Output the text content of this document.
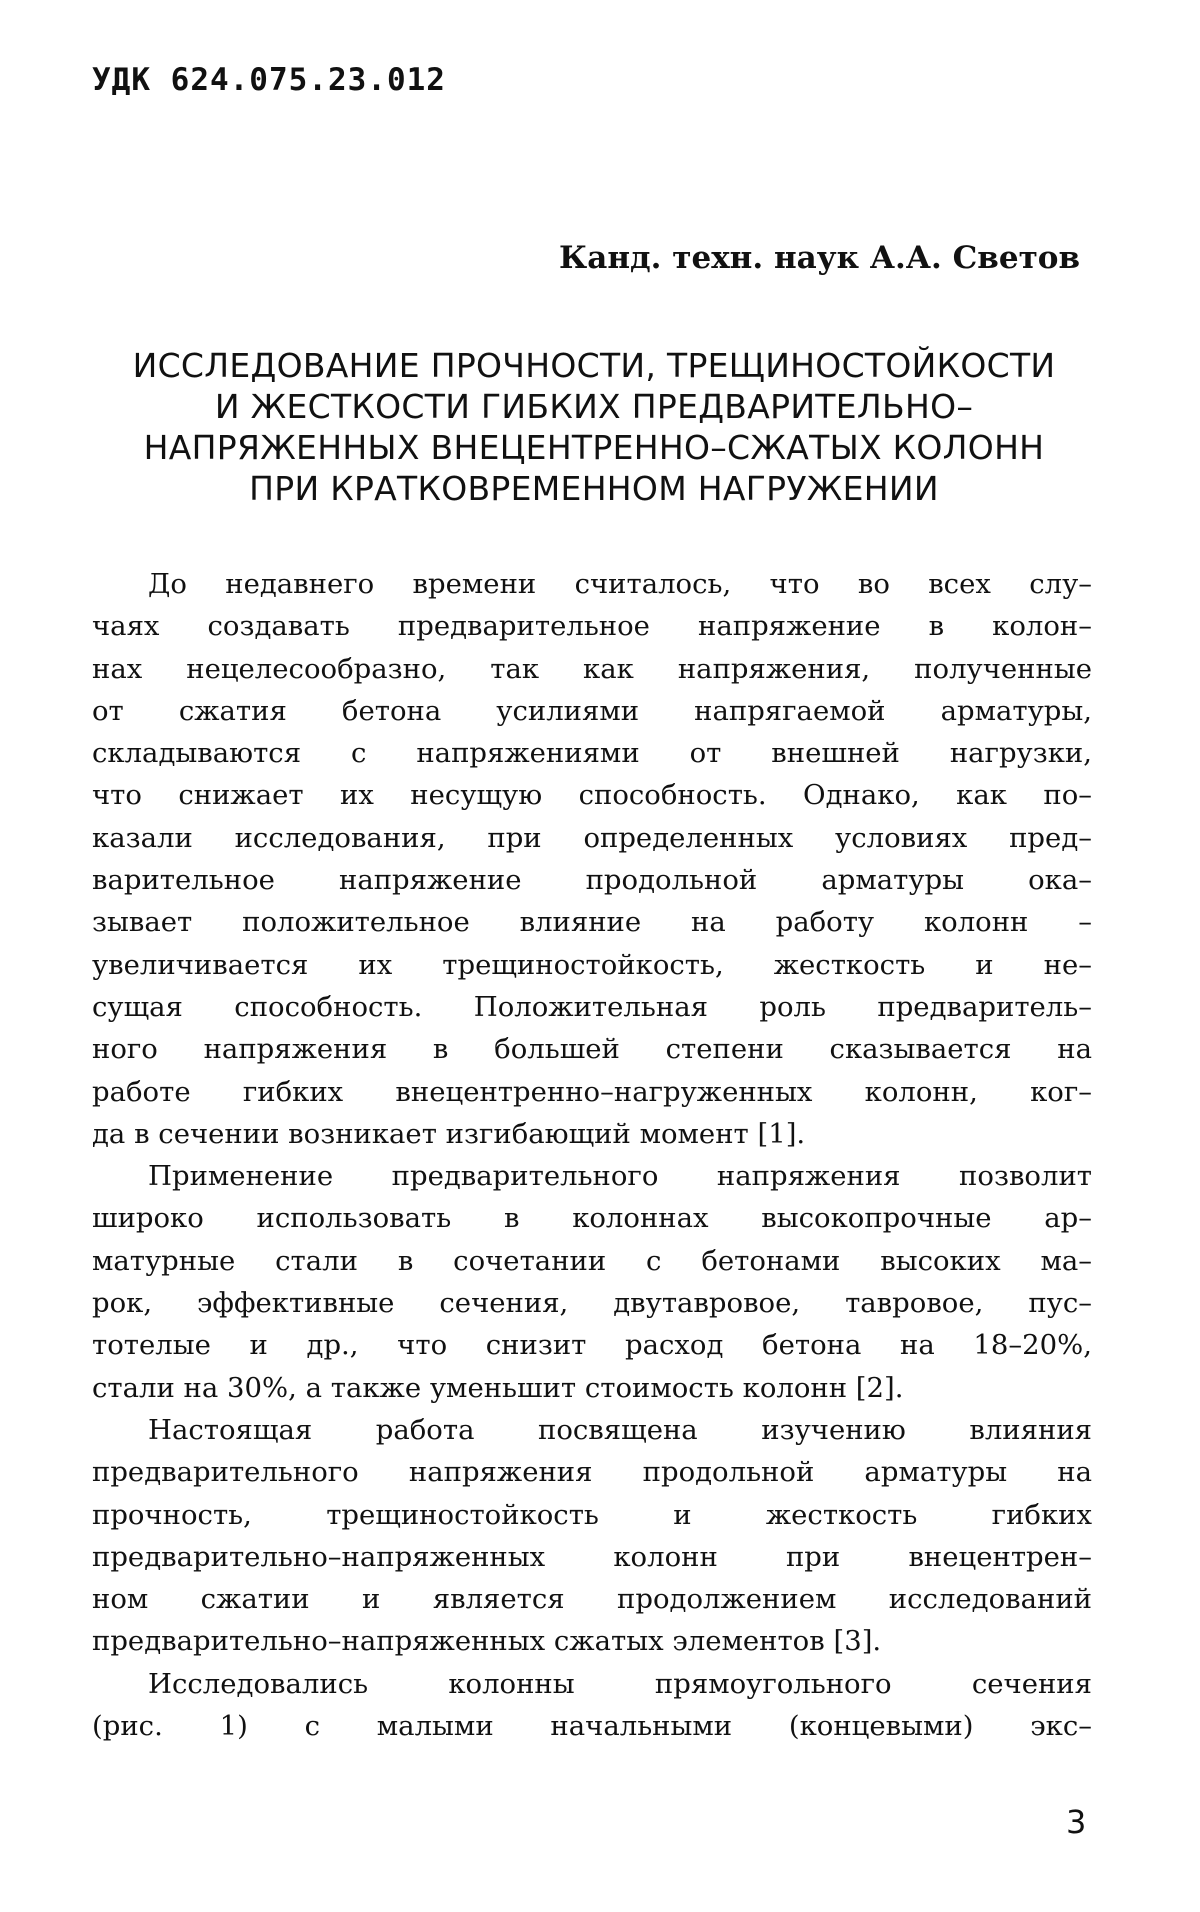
УДК 624.075.23.012
Канд. техн. наук А.А. Светов
ИССЛЕДОВАНИЕ ПРОЧНОСТИ, ТРЕЩИНОСТОЙКОСТИ
И ЖЕСТКОСТИ ГИБКИХ ПРЕДВАРИТЕЛЬНО–
НАПРЯЖЕННЫХ ВНЕЦЕНТРЕННО–СЖАТЫХ КОЛОНН
ПРИ КРАТКОВРЕМЕННОМ НАГРУЖЕНИИ

До недавнего времени считалось, что во всех слу–

чаях создавать предварительное напряжение в колон–

нах нецелесообразно, так как напряжения, полученные

от сжатия бетона усилиями напрягаемой арматуры,

складываются с напряжениями от внешней нагрузки,

что снижает их несущую способность. Однако, как по–

казали исследования, при определенных условиях пред–

варительное напряжение продольной арматуры ока–

зывает положительное влияние на работу колонн –

увеличивается их трещиностойкость, жесткость и не–

сущая способность. Положительная роль предваритель–

ного напряжения в большей степени сказывается на

работе гибких внецентренно–нагруженных колонн, ког–

да в сечении возникает изгибающий момент [1].

Применение предварительного напряжения позволит

широко использовать в колоннах высокопрочные ар–

матурные стали в сочетании с бетонами высоких ма–

рок, эффективные сечения, двутавровое, тавровое, пус–

тотелые и др., что снизит расход бетона на 18–20%,

стали на 30%, а также уменьшит стоимость колонн [2].

Настоящая работа посвящена изучению влияния

предварительного напряжения продольной арматуры на

прочность, трещиностойкость и жесткость гибких

предварительно–напряженных колонн при внецентрен–

ном сжатии и является продолжением исследований

предварительно–напряженных сжатых элементов [3].

Исследовались колонны прямоугольного сечения

(рис. 1) с малыми начальными (концевыми) экс–

3
